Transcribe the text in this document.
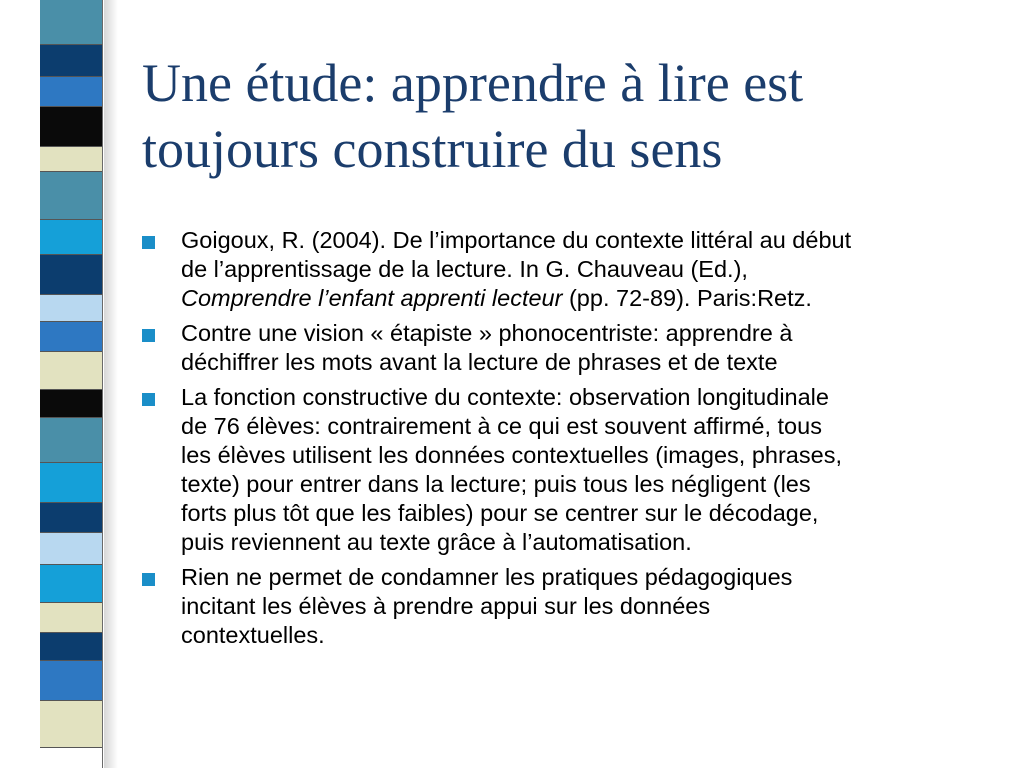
Une étude: apprendre à lire est
toujours construire du sens
Goigoux, R. (2004). De l’importance du contexte littéral au début
de l’apprentissage de la lecture. In G. Chauveau (Ed.),
Comprendre l’enfant apprenti lecteur (pp. 72-89). Paris:Retz.
Contre une vision « étapiste » phonocentriste: apprendre à
déchiffrer les mots avant la lecture de phrases et de texte
La fonction constructive du contexte: observation longitudinale
de 76 élèves: contrairement à ce qui est souvent affirmé, tous
les élèves utilisent les données contextuelles (images, phrases,
texte) pour entrer dans la lecture; puis tous les négligent (les
forts plus tôt que les faibles) pour se centrer sur le décodage,
puis reviennent au texte grâce à l’automatisation.
Rien ne permet de condamner les pratiques pédagogiques
incitant les élèves à prendre appui sur les données
contextuelles.
